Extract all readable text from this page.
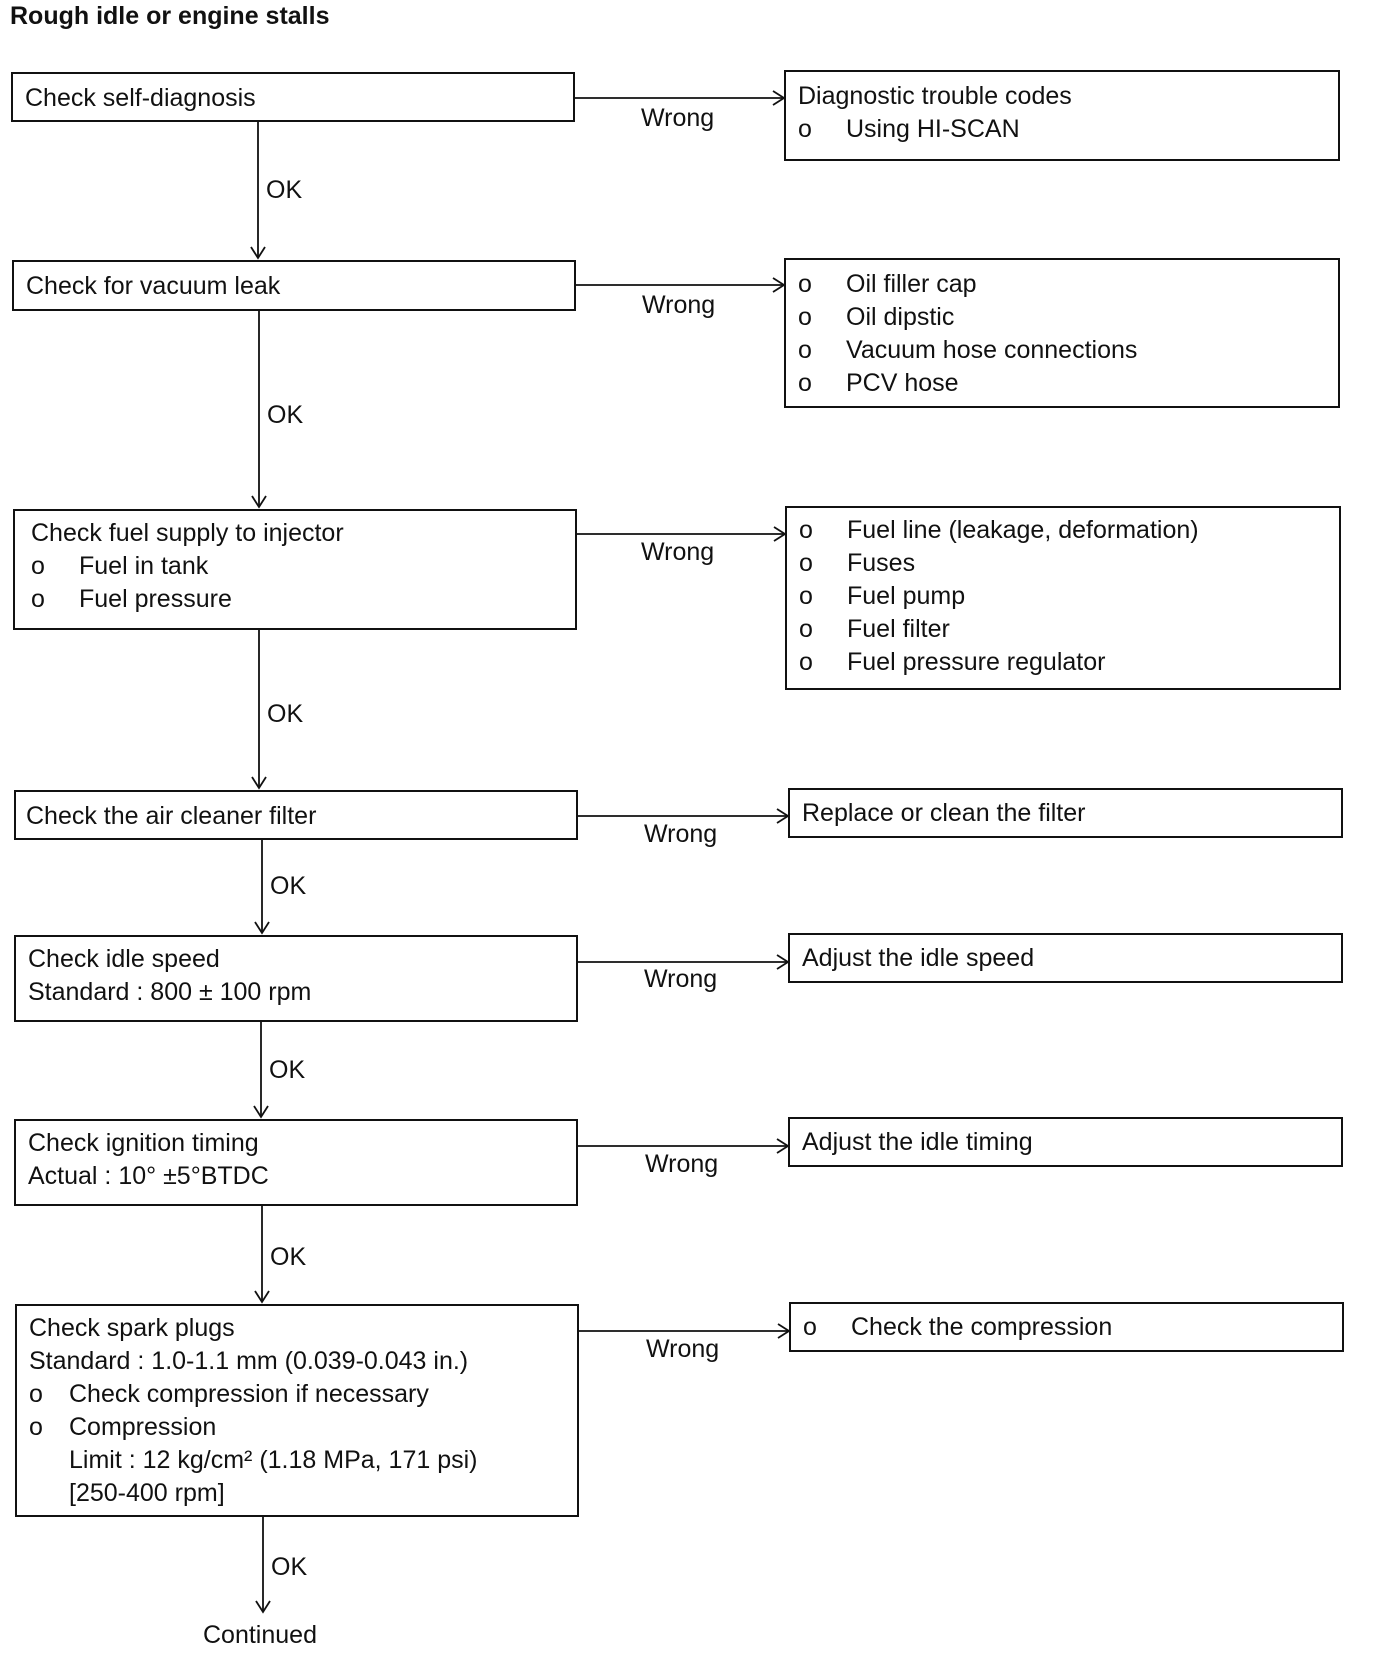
Rough idle or engine stalls
Check self-diagnosis
Check for vacuum leak
Check fuel supply to injector
o Fuel in tank
o Fuel pressure
Check the air cleaner filter
Check idle speed
Standard : 800 ± 100 rpm
Check ignition timing
Actual : 10° ±5°BTDC
Check spark plugs
Standard : 1.0-1.1 mm (0.039-0.043 in.)
o Check compression if necessary
o Compression
Limit : 12 kg/cm² (1.18 MPa, 171 psi)
[250-400 rpm]
Diagnostic trouble codes
o Using HI-SCAN
o Oil filler cap
o Oil dipstic
o Vacuum hose connections
o PCV hose
o Fuel line (leakage, deformation)
o Fuses
o Fuel pump
o Fuel filter
o Fuel pressure regulator
Replace or clean the filter
Adjust the idle speed
Adjust the idle timing
o Check the compression
OK
OK
OK
OK
OK
OK
OK
Wrong
Wrong
Wrong
Wrong
Wrong
Wrong
Wrong
Continued
